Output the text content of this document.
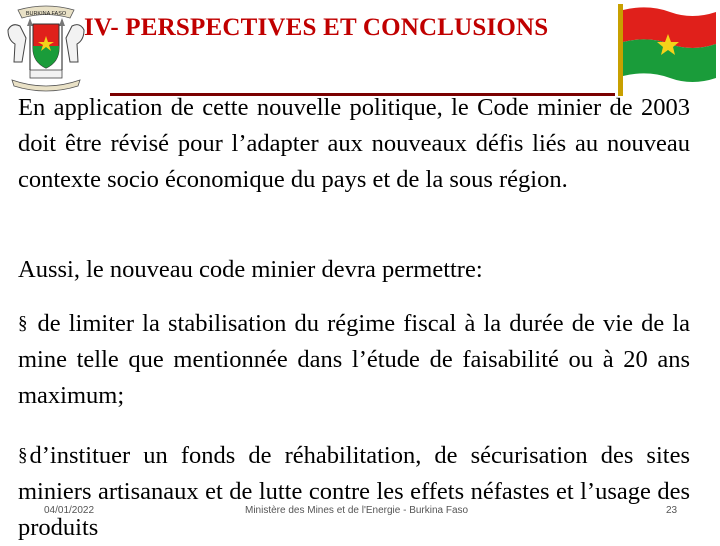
BURKINA FASO IV- PERSPECTIVES ET CONCLUSIONS
En application de cette nouvelle politique, le Code minier de 2003 doit être révisé pour l’adapter aux nouveaux défis liés au nouveau contexte socio économique du pays et de la sous région.
Aussi, le nouveau code minier devra permettre:
§ de limiter la stabilisation du régime fiscal à la durée de vie de la mine telle que mentionnée dans l’étude de faisabilité ou à 20 ans maximum;
§d’instituer un fonds de réhabilitation, de sécurisation des sites miniers artisanaux et de lutte contre les effets néfastes et l’usage des produits
04/01/2022	Ministère des Mines et de l'Energie - Burkina Faso	23
